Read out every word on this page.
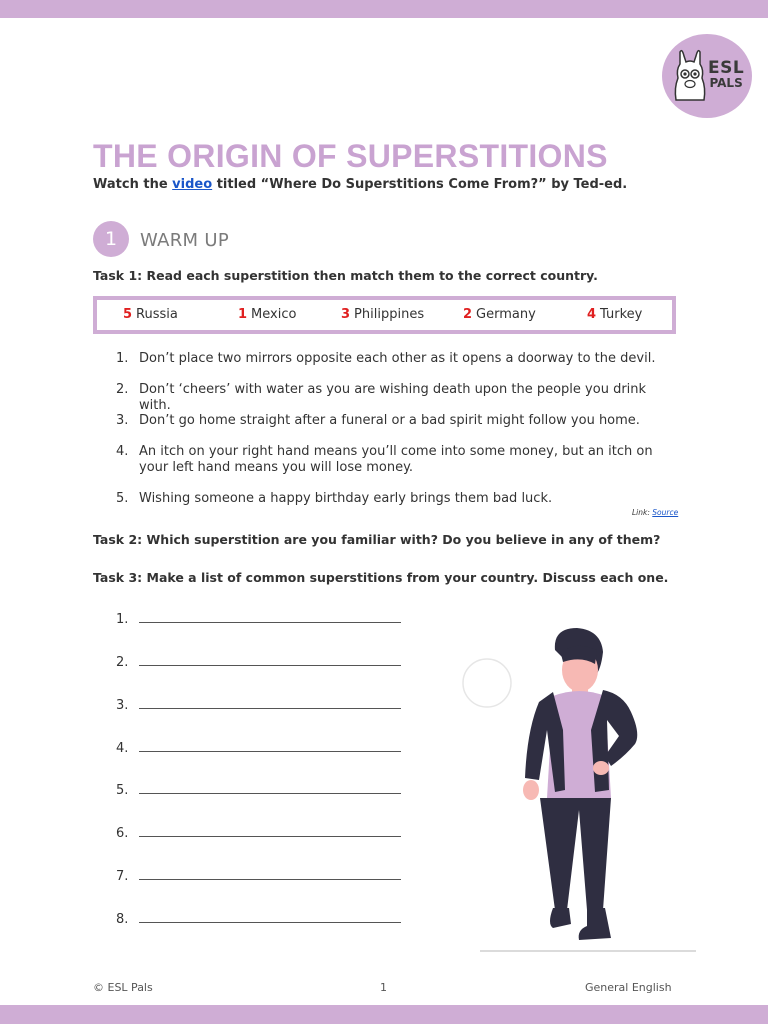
ESL
PALS
THE ORIGIN OF SUPERSTITIONS
Watch the video titled “Where Do Superstitions Come From?” by Ted-ed.
1	WARM UP
Task 1: Read each superstition then match them to the correct country.
5 Russia	1 Mexico	3 Philippines	2 Germany	4 Turkey
1. Don’t place two mirrors opposite each other as it opens a doorway to the devil.
2. Don’t ‘cheers’ with water as you are wishing death upon the people you drink with.
3. Don’t go home straight after a funeral or a bad spirit might follow you home.
4. An itch on your right hand means you’ll come into some money, but an itch on your left hand means you will lose money.
5. Wishing someone a happy birthday early brings them bad luck.
Link: Source
Task 2: Which superstition are you familiar with? Do you believe in any of them?
Task 3: Make a list of common superstitions from your country. Discuss each one.
1.
2.
3.
4.
5.
6.
7.
8.
© ESL Pals	1	General English
